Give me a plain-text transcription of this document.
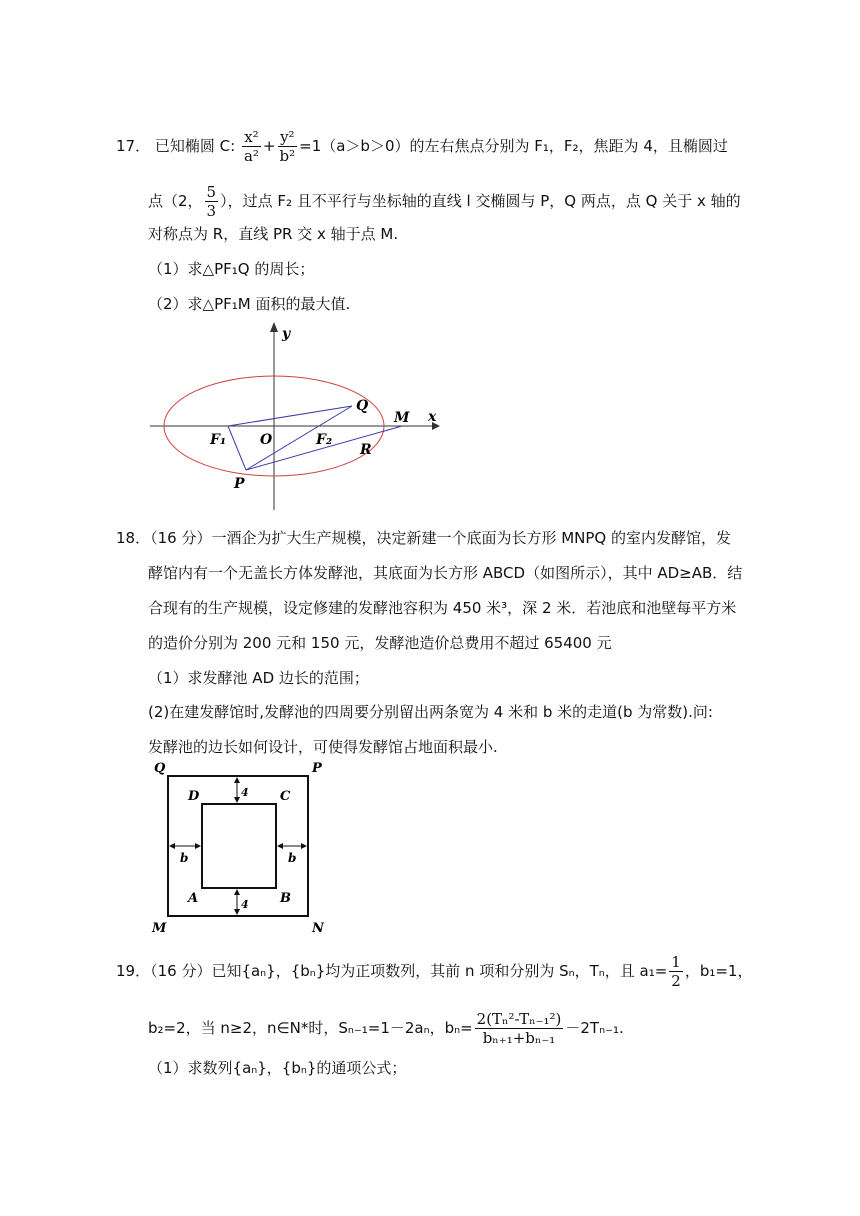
17． 已知椭圆 C: $\frac{\text{x²}}{\text{a²}} + \frac{\text{y²}}{\text{b²}} =1(a>b>0)$的左右焦点分别为 F₁，F₂，焦距为 4，且椭圆过
点（2， $\frac{5}{3}$ ），过点 F₂ 且不平行与坐标轴的直线 l 交椭圆与 P，Q 两点，点 Q 关于 x 轴的
对称点为 R，直线 PR 交 x 轴于点 M.
（1）求△PF₁Q 的周长；
（2）求△PF₁M 面积的最大值.
y
x
O
F₁	F₂
P
Q
R
M
18．（16 分）一酒企为扩大生产规模，决定新建一个底面为长方形 MNPQ 的室内发酵馆，发
酵馆内有一个无盖长方体发酵池，其底面为长方形 ABCD（如图所示），其中 AD≥AB．结
合现有的生产规模，设定修建的发酵池容积为 450 米³，深 2 米．若池底和池壁每平方米
的造价分别为 200 元和 150 元，发酵池造价总费用不超过 65400 元
（1）求发酵池 AD 边长的范围；
(2)在建发酵馆时,发酵池的四周要分别留出两条宽为 4 米和 b 米的走道(b 为常数).问:
发酵池的边长如何设计，可使得发酵馆占地面积最小.
Q	P
M	N
D	C
A	B
4
4
b	b
19．（16 分）已知{aₙ}，{bₙ}均为正项数列，其前 n 项和分别为 Sₙ，Tₙ，且 $a_1= \frac{1}{2}$ ，b₁=1，
b₂=2，当 n≥2，n∈N*时，Sₙ₋₁=1－2aₙ，$b_n= \frac{\text{2(Tₙ²-Tₙ₋₁²)}}{\text{bₙ₊₁+bₙ₋₁}} -2T_{n-1}$.
（1）求数列{aₙ}，{bₙ}的通项公式；
